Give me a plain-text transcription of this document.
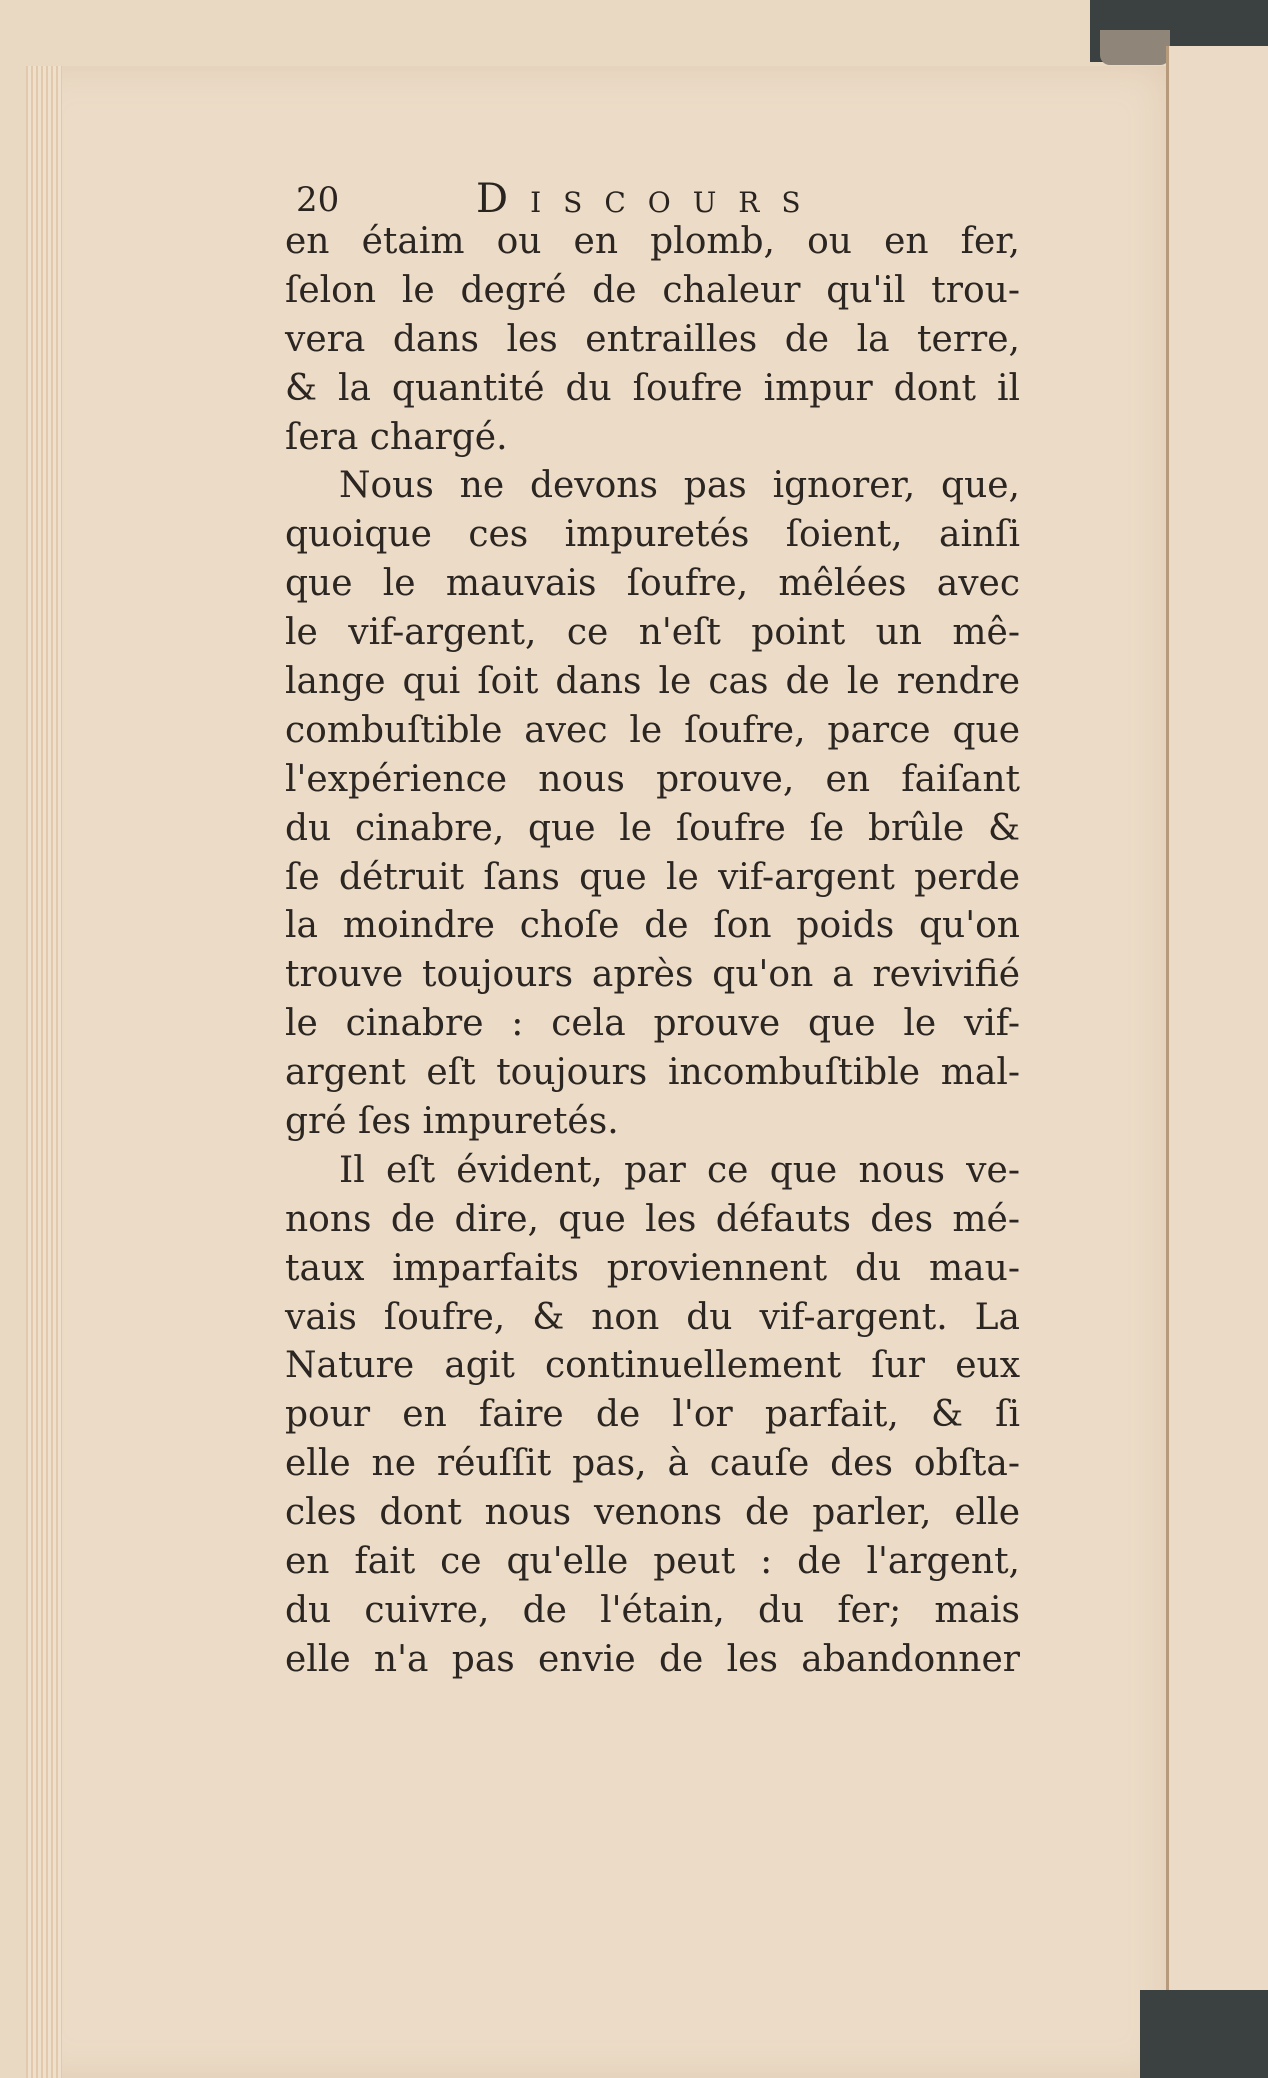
20	Discours
en étaim ou en plomb, ou en fer,
ſelon le degré de chaleur qu'il trou-
vera dans les entrailles de la terre,
& la quantité du ſoufre impur dont il
ſera chargé.
Nous ne devons pas ignorer, que,
quoique ces impuretés ſoient, ainſi
que le mauvais ſoufre, mêlées avec
le vif-argent, ce n'eſt point un mê-
lange qui ſoit dans le cas de le rendre
combuſtible avec le ſoufre, parce que
l'expérience nous prouve, en faiſant
du cinabre, que le ſoufre ſe brûle &
ſe détruit ſans que le vif-argent perde
la moindre choſe de ſon poids qu'on
trouve toujours après qu'on a revivifié
le cinabre : cela prouve que le vif-
argent eſt toujours incombuſtible mal-
gré ſes impuretés.
Il eſt évident, par ce que nous ve-
nons de dire, que les défauts des mé-
taux imparfaits proviennent du mau-
vais ſoufre, & non du vif-argent. La
Nature agit continuellement ſur eux
pour en faire de l'or parfait, & ſi
elle ne réuſſit pas, à cauſe des obſta-
cles dont nous venons de parler, elle
en fait ce qu'elle peut : de l'argent,
du cuivre, de l'étain, du fer; mais
elle n'a pas envie de les abandonner
